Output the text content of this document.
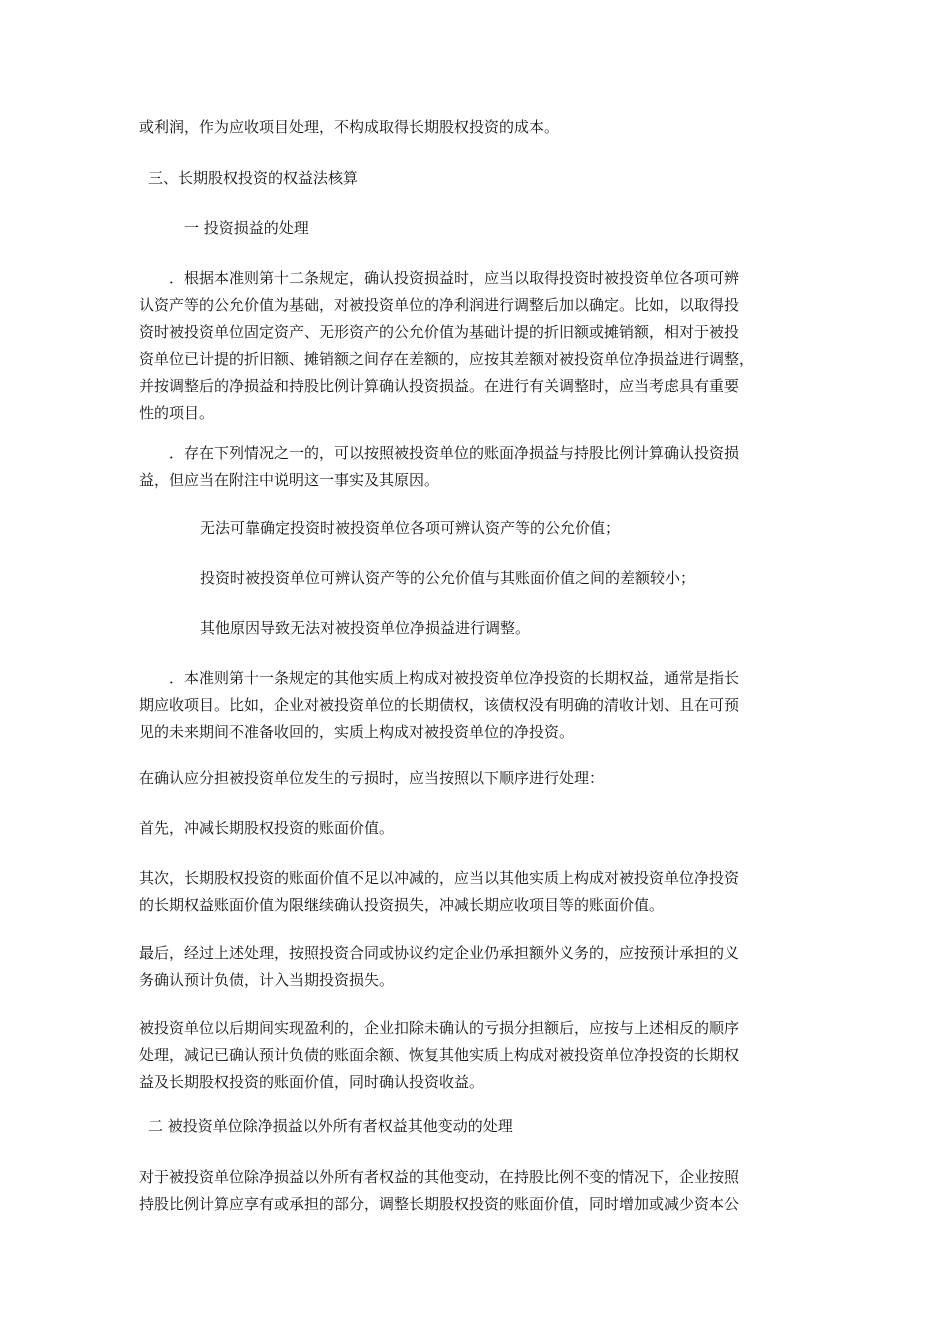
或利润，作为应收项目处理，不构成取得长期股权投资的成本。

三、长期股权投资的权益法核算

一 投资损益的处理

．根据本准则第十二条规定，确认投资损益时，应当以取得投资时被投资单位各项可辨
认资产等的公允价值为基础，对被投资单位的净利润进行调整后加以确定。比如，以取得投
资时被投资单位固定资产、无形资产的公允价值为基础计提的折旧额或摊销额，相对于被投
资单位已计提的折旧额、摊销额之间存在差额的，应按其差额对被投资单位净损益进行调整，
并按调整后的净损益和持股比例计算确认投资损益。在进行有关调整时，应当考虑具有重要
性的项目。

．存在下列情况之一的，可以按照被投资单位的账面净损益与持股比例计算确认投资损
益，但应当在附注中说明这一事实及其原因。

无法可靠确定投资时被投资单位各项可辨认资产等的公允价值；

投资时被投资单位可辨认资产等的公允价值与其账面价值之间的差额较小；

其他原因导致无法对被投资单位净损益进行调整。

．本准则第十一条规定的其他实质上构成对被投资单位净投资的长期权益，通常是指长
期应收项目。比如，企业对被投资单位的长期债权，该债权没有明确的清收计划、且在可预
见的未来期间不准备收回的，实质上构成对被投资单位的净投资。

在确认应分担被投资单位发生的亏损时，应当按照以下顺序进行处理：

首先，冲减长期股权投资的账面价值。

其次，长期股权投资的账面价值不足以冲减的，应当以其他实质上构成对被投资单位净投资
的长期权益账面价值为限继续确认投资损失，冲减长期应收项目等的账面价值。

最后，经过上述处理，按照投资合同或协议约定企业仍承担额外义务的，应按预计承担的义
务确认预计负债，计入当期投资损失。

被投资单位以后期间实现盈利的，企业扣除未确认的亏损分担额后，应按与上述相反的顺序
处理，减记已确认预计负债的账面余额、恢复其他实质上构成对被投资单位净投资的长期权
益及长期股权投资的账面价值，同时确认投资收益。

二 被投资单位除净损益以外所有者权益其他变动的处理

对于被投资单位除净损益以外所有者权益的其他变动，在持股比例不变的情况下，企业按照
持股比例计算应享有或承担的部分，调整长期股权投资的账面价值，同时增加或减少资本公
